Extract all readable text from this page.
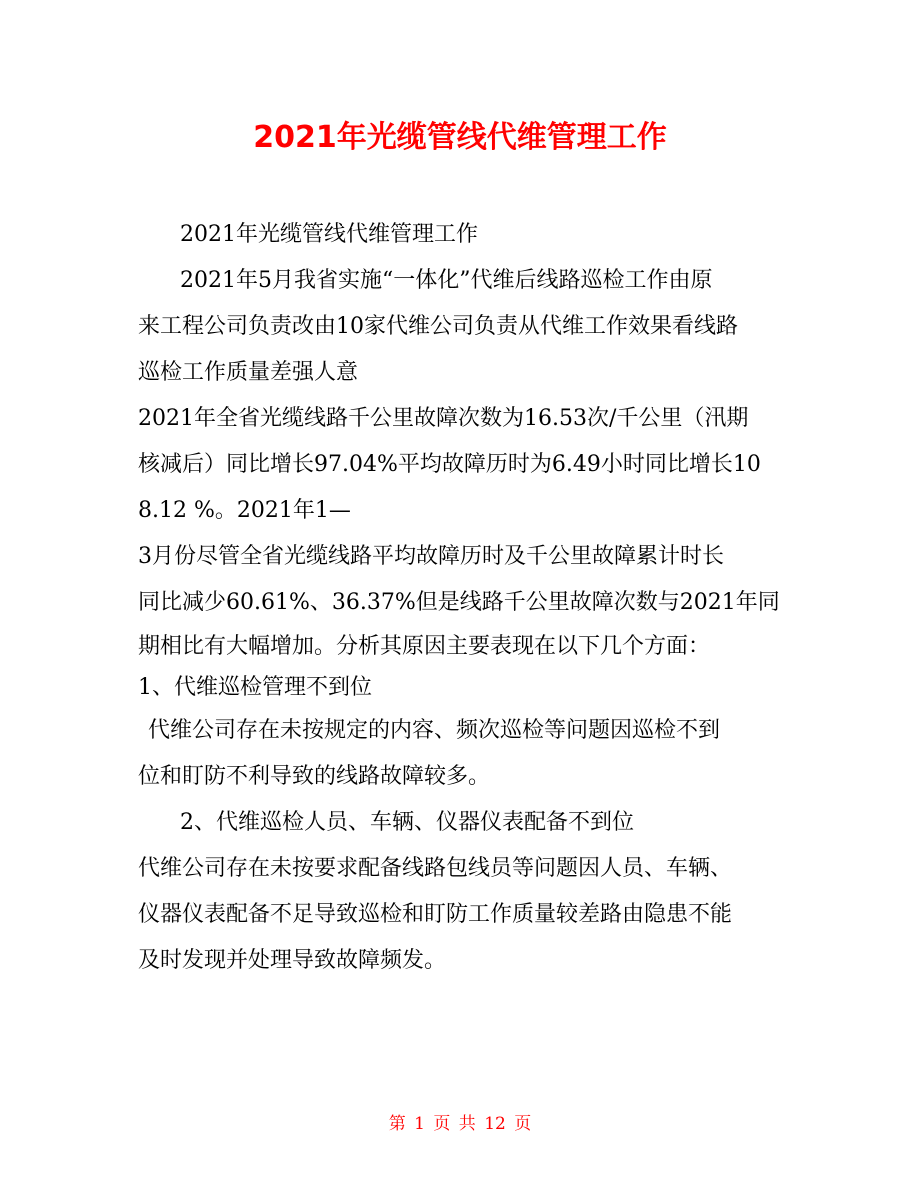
2021年光缆管线代维管理工作
2021年光缆管线代维管理工作
2021年5月我省实施“一体化”代维后线路巡检工作由原
来工程公司负责改由10家代维公司负责从代维工作效果看线路
巡检工作质量差强人意
2021年全省光缆线路千公里故障次数为16.53次/千公里（汛期
核减后）同比增长97.04%平均故障历时为6.49小时同比增长10
8.12 %。2021年1—
3月份尽管全省光缆线路平均故障历时及千公里故障累计时长
同比减少60.61%、36.37%但是线路千公里故障次数与2021年同
期相比有大幅增加。分析其原因主要表现在以下几个方面：
1、代维巡检管理不到位
代维公司存在未按规定的内容、频次巡检等问题因巡检不到
位和盯防不利导致的线路故障较多。
2、代维巡检人员、车辆、仪器仪表配备不到位
代维公司存在未按要求配备线路包线员等问题因人员、车辆、
仪器仪表配备不足导致巡检和盯防工作质量较差路由隐患不能
及时发现并处理导致故障频发。
第 1 页 共 12 页
